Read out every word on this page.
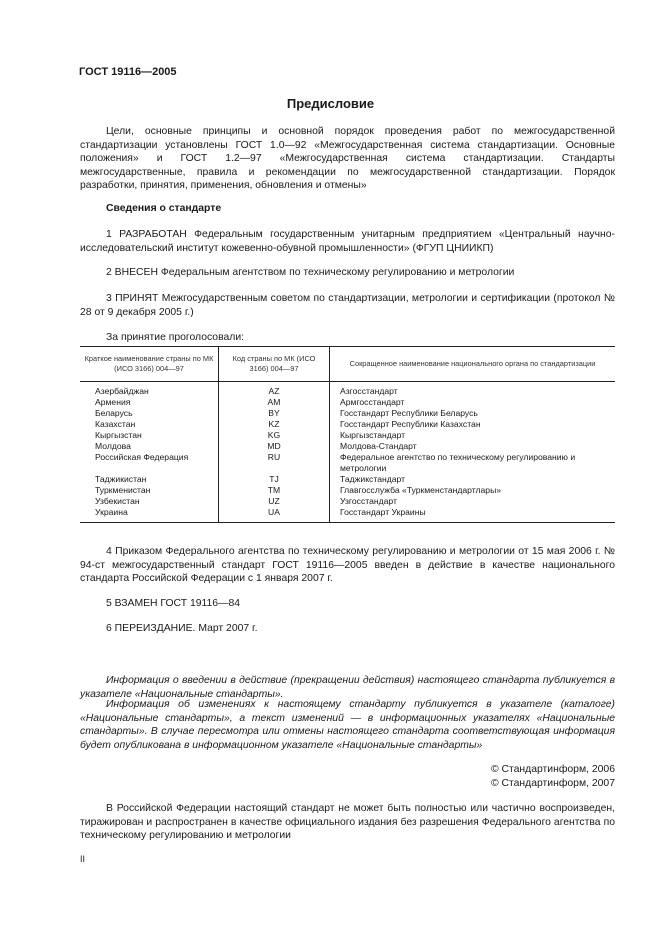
ГОСТ 19116—2005
Предисловие
Цели, основные принципы и основной порядок проведения работ по межгосударственной стандартизации установлены ГОСТ 1.0—92 «Межгосударственная система стандартизации. Основные положения» и ГОСТ 1.2—97 «Межгосударственная система стандартизации. Стандарты межгосударственные, правила и рекомендации по межгосударственной стандартизации. Порядок разработки, принятия, применения, обновления и отмены»
Сведения о стандарте
1 РАЗРАБОТАН Федеральным государственным унитарным предприятием «Центральный научно-исследовательский институт кожевенно-обувной промышленности» (ФГУП ЦНИИКП)
2 ВНЕСЕН Федеральным агентством по техническому регулированию и метрологии
3 ПРИНЯТ Межгосударственным советом по стандартизации, метрологии и сертификации (протокол № 28 от 9 декабря 2005 г.)
За принятие проголосовали:
Краткое наименование страны по МК (ИСО 3166) 004—97	Код страны по МК (ИСО 3166) 004—97	Сокращенное наименование национального органа по стандартизации
Азербайджан	AZ	Азгосстандарт
Армения	AM	Армгосстандарт
Беларусь	BY	Госстандарт Республики Беларусь
Казахстан	KZ	Госстандарт Республики Казахстан
Кыргызстан	KG	Кыргызстандарт
Молдова	MD	Молдова-Стандарт
Российская Федерация	RU	Федеральное агентство по техническому регулированию и метрологии
Таджикистан	TJ	Таджикстандарт
Туркменистан	TM	Главгосслужба «Туркменстандартлары»
Узбекистан	UZ	Узгосстандарт
Украина	UA	Госстандарт Украины
4 Приказом Федерального агентства по техническому регулированию и метрологии от 15 мая 2006 г. № 94-ст межгосударственный стандарт ГОСТ 19116—2005 введен в действие в качестве национального стандарта Российской Федерации с 1 января 2007 г.
5 ВЗАМЕН ГОСТ 19116—84
6 ПЕРЕИЗДАНИЕ. Март 2007 г.
Информация о введении в действие (прекращении действия) настоящего стандарта публикуется в указателе «Национальные стандарты».
Информация об изменениях к настоящему стандарту публикуется в указателе (каталоге) «Национальные стандарты», а текст изменений — в информационных указателях «Национальные стандарты». В случае пересмотра или отмены настоящего стандарта соответствующая информация будет опубликована в информационном указателе «Национальные стандарты»
© Стандартинформ, 2006
© Стандартинформ, 2007
В Российской Федерации настоящий стандарт не может быть полностью или частично воспроизведен, тиражирован и распространен в качестве официального издания без разрешения Федерального агентства по техническому регулированию и метрологии
II
